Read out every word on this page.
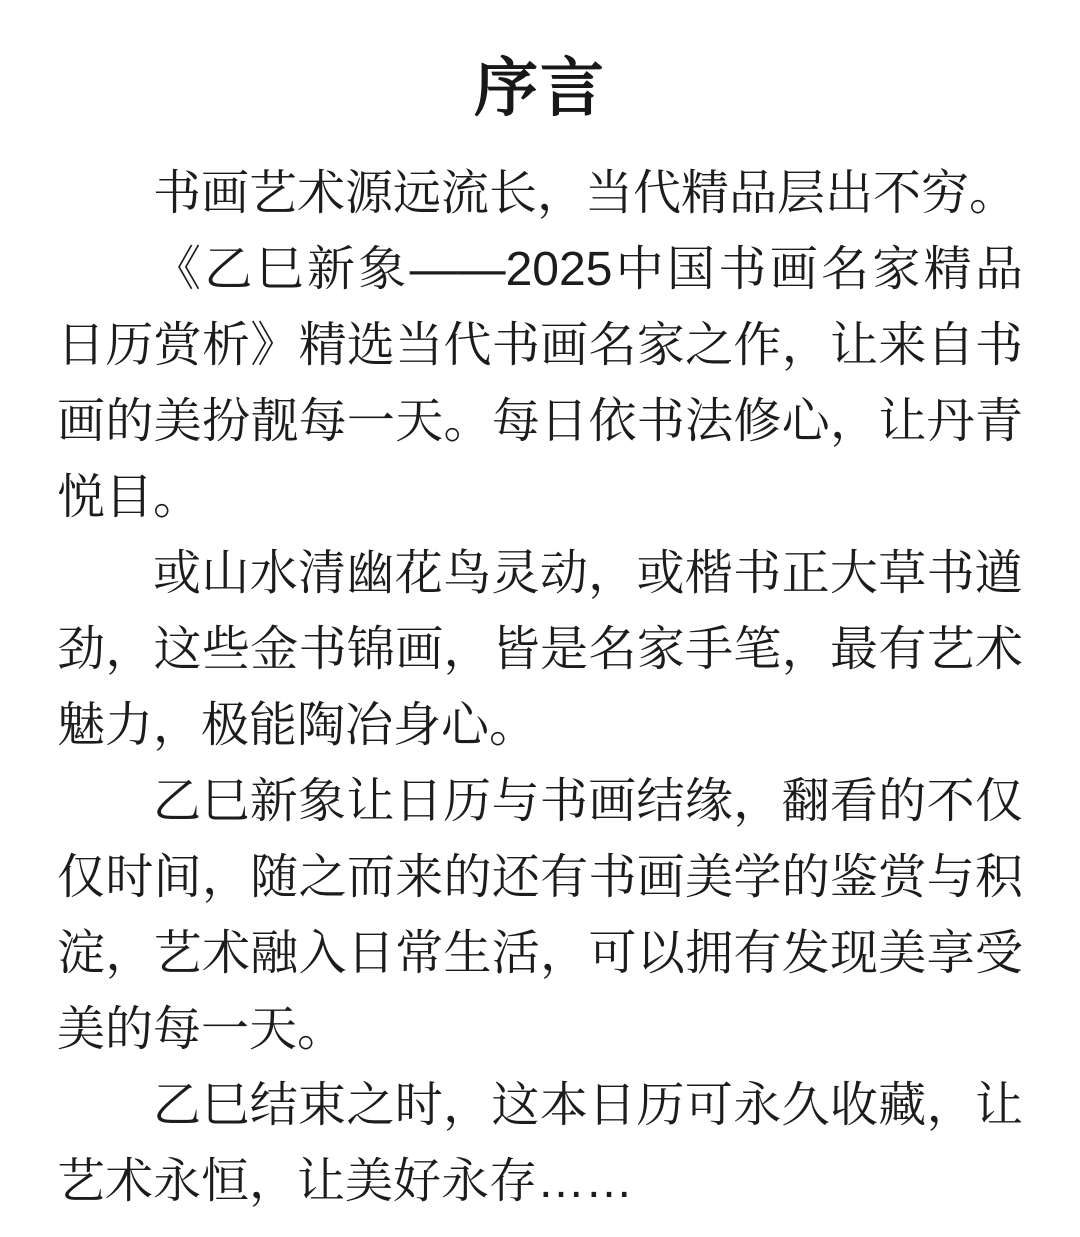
序言

书画艺术源远流长，当代精品层出不穷。

《乙巳新象——2025中国书画名家精品日历赏析》精选当代书画名家之作，让来自书画的美扮靓每一天。每日依书法修心，让丹青悦目。

或山水清幽花鸟灵动，或楷书正大草书遒劲，这些金书锦画，皆是名家手笔，最有艺术魅力，极能陶冶身心。

乙巳新象让日历与书画结缘，翻看的不仅仅时间，随之而来的还有书画美学的鉴赏与积淀，艺术融入日常生活，可以拥有发现美享受美的每一天。

乙巳结束之时，这本日历可永久收藏，让艺术永恒，让美好永存……
